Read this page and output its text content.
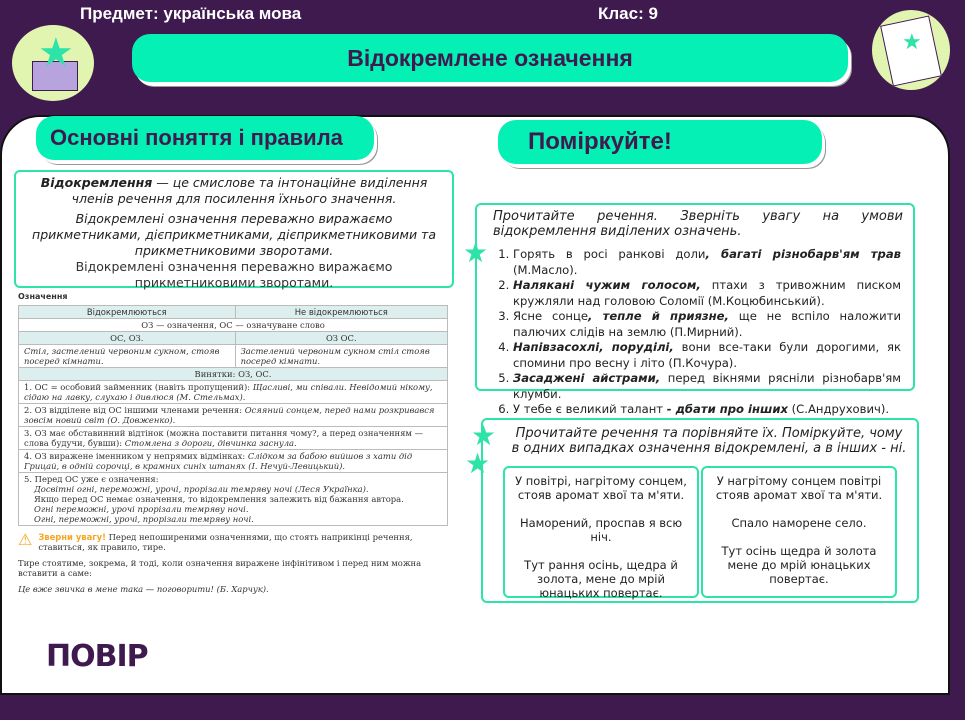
Предмет: українська мова	Клас: 9
★	★
Відокремлене означення
Основні поняття і правила	Поміркуйте!
Відокремлення — це смислове та інтонаційне виділення членів речення для посилення їхнього значення.
Відокремлені означення переважно виражаємо прикметниками, дієприкметниками, дієприкметниковими та прикметниковими зворотами.
Відокремлені означення переважно виражаємо прикметниковими зворотами.
Означення
Відокремлюються	Не відокремлюються
ОЗ — означення, ОС — означуване слово	
ОС, ОЗ.	ОЗ ОС.
Стіл, застелений червоним сукном, стояв посеред кімнати.	Застелений червоним сукном стіл стояв посеред кімнати.
Винятки: ОЗ, ОС.	
1. ОС = особовий займенник (навіть пропущений): Щасливі, ми співали. Невідомий нікому, сідаю на лавку, слухаю і дивлюся (М. Стельмах).	
2. ОЗ відділене від ОС іншими членами речення: Осяяний сонцем, перед нами розкривався зовсім новий світ (О. Довженко).	
3. ОЗ має обставинний відтінок (можна поставити питання чому?, а перед означенням — слова будучи, бувши): Стомлена з дороги, дівчинка заснула.	
4. ОЗ виражене іменником у непрямих відмінках: Слідком за бабою вийшов з хати дід Грицай, в одній сорочці, в крамних синіх штанях (І. Нечуй-Левицький).	

5. Перед ОС уже є означення:
Досвітні огні, переможні, урочі, прорізали темряву ночі (Леся Українка).
Якщо перед ОС немає означення, то відокремлення залежить від бажання автора.
Огні переможні, урочі прорізали темряву ночі.
Огні, переможні, урочі, прорізали темряву ночі.	
⚠ Зверни увагу! Перед непоширеними означеннями, що стоять наприкінці речення, ставиться, як правило, тире.
Тире стоятиме, зокрема, й тоді, коли означення виражене інфінітивом і перед ним можна вставити а саме:
Це вже звичка в мене така — поговорити! (Б. Харчук).
ПОВІР
Прочитайте речення. Зверніть увагу на умови відокремлення виділених означень.
★ 1. Горять в росі ранкові доли, багаті різнобарв'ям трав (М.Масло).
2. Налякані чужим голосом, птахи з тривожним писком кружляли над головою Соломії (М.Коцюбинський).
3. Ясне сонце, тепле й приязне, ще не вспіло наложити палючих слідів на землю (П.Мирний).
4. Напівзасохлі, поруділі, вони все-таки були дорогими, як спомини про весну і літо (П.Кочура).
5. Засаджені айстрами, перед вікнями рясніли різнобарв'ям клумби.
6. У тебе є великий талант - дбати про інших (С.Андрухович).
★
★
Прочитайте речення та порівняйте їх. Поміркуйте, чому в одних випадках означення відокремлені, а в інших - ні.

У повітрі, нагрітому сонцем, стояв аромат хвої та м'яти.

Наморений, проспав я всю ніч.

Тут рання осінь, щедра й золота, мене до мрій юнацьких повертає.

У нагрітому сонцем повітрі стояв аромат хвої та м'яти.

Спало наморене село.

Тут осінь щедра й золота мене до мрій юнацьких повертає.
